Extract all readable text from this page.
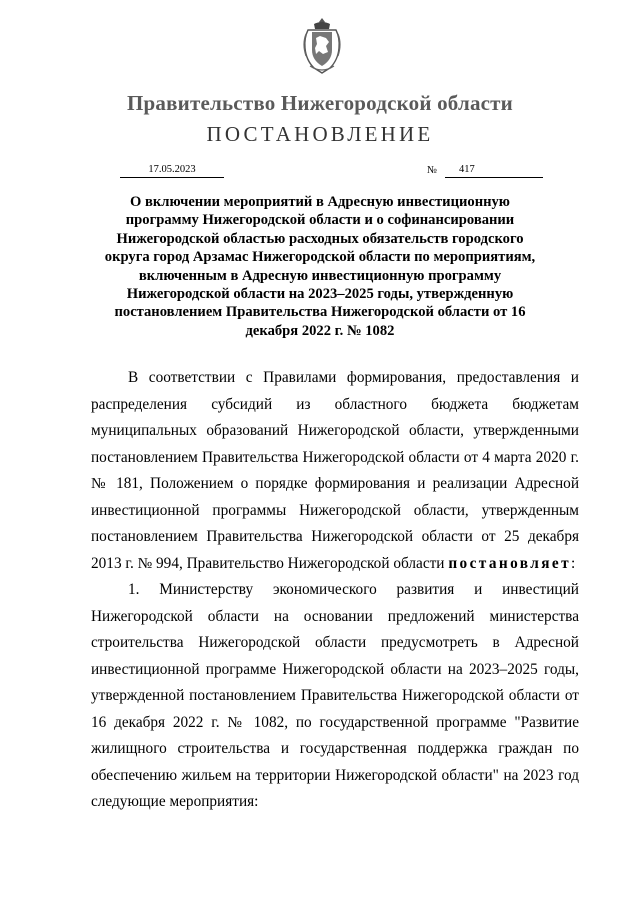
Правительство Нижегородской области
ПОСТАНОВЛЕНИЕ
17.05.2023	№	417
О включении мероприятий в Адресную инвестиционную программу Нижегородской области и о софинансировании Нижегородской областью расходных обязательств городского округа город Арзамас Нижегородской области по мероприятиям, включенным в Адресную инвестиционную программу Нижегородской области на 2023–2025 годы, утвержденную постановлением Правительства Нижегородской области от 16 декабря 2022 г. № 1082

В соответствии с Правилами формирования, предоставления и распределения субсидий из областного бюджета бюджетам муниципальных образований Нижегородской области, утвержденными постановлением Правительства Нижегородской области от 4 марта 2020 г. № 181, Положением о порядке формирования и реализации Адресной инвестиционной программы Нижегородской области, утвержденным постановлением Правительства Нижегородской области от 25 декабря 2013 г. № 994, Правительство Нижегородской области постановляет:

1. Министерству экономического развития и инвестиций Нижегородской области на основании предложений министерства строительства Нижегородской области предусмотреть в Адресной инвестиционной программе Нижегородской области на 2023–2025 годы, утвержденной постановлением Правительства Нижегородской области от 16 декабря 2022 г. № 1082, по государственной программе "Развитие жилищного строительства и государственная поддержка граждан по обеспечению жильем на территории Нижегородской области" на 2023 год следующие мероприятия:
